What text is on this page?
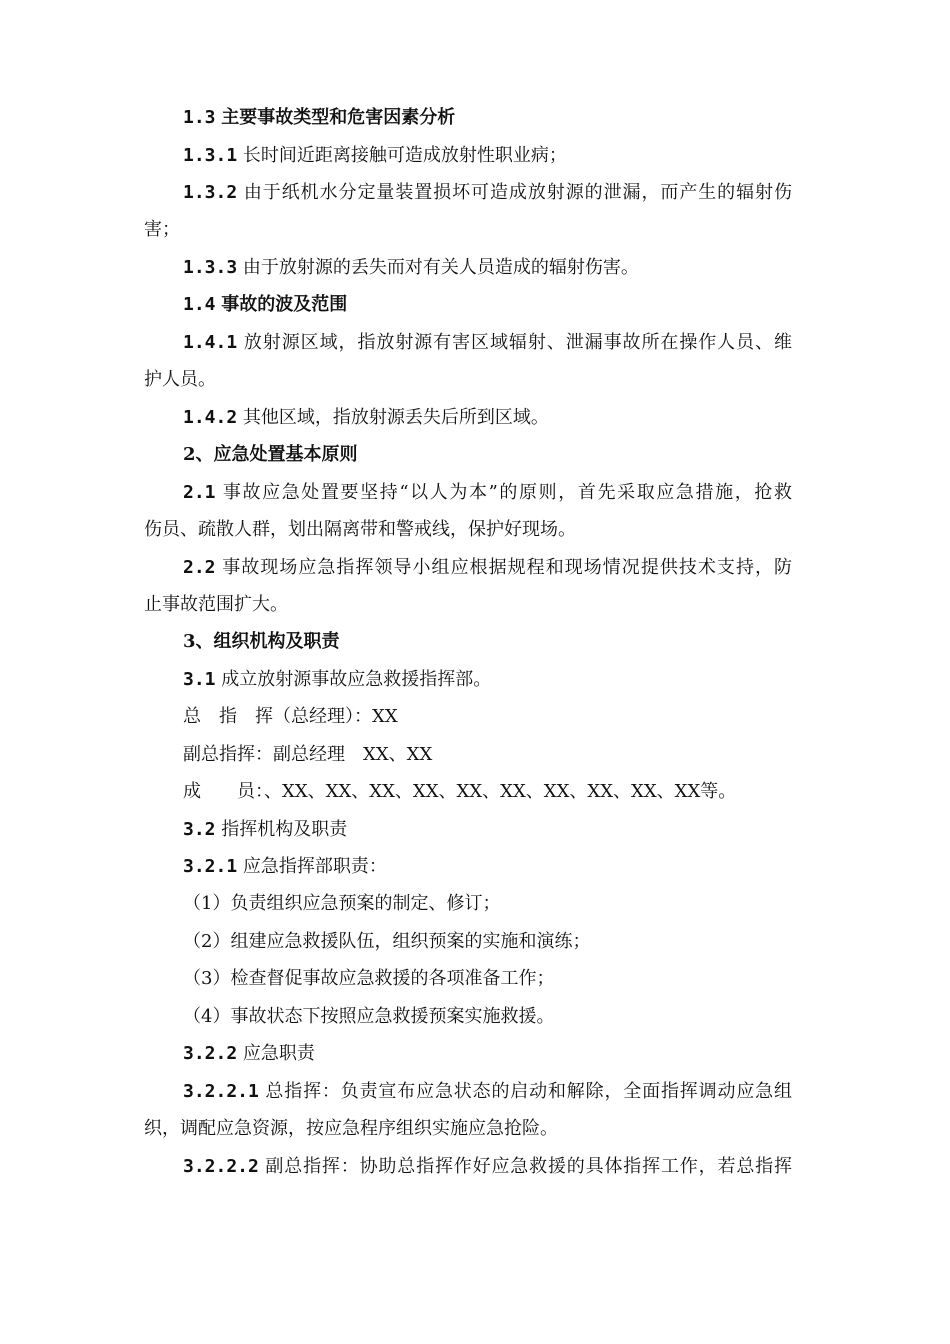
1.3 主要事故类型和危害因素分析
1.3.1 长时间近距离接触可造成放射性职业病；
1.3.2 由于纸机水分定量装置损坏可造成放射源的泄漏，而产生的辐射伤
害；
1.3.3 由于放射源的丢失而对有关人员造成的辐射伤害。
1.4 事故的波及范围
1.4.1 放射源区域，指放射源有害区域辐射、泄漏事故所在操作人员、维
护人员。
1.4.2 其他区域，指放射源丢失后所到区域。
2、应急处置基本原则
2.1 事故应急处置要坚持“以人为本”的原则，首先采取应急措施，抢救
伤员、疏散人群，划出隔离带和警戒线，保护好现场。
2.2 事故现场应急指挥领导小组应根据规程和现场情况提供技术支持，防
止事故范围扩大。
3、组织机构及职责
3.1 成立放射源事故应急救援指挥部。
总　指　挥（总经理）：XX
副总指挥：副总经理　XX、XX
成　　员：、XX、XX、XX、XX、XX、XX、XX、XX、XX、XX等。
3.2 指挥机构及职责
3.2.1 应急指挥部职责：
（1）负责组织应急预案的制定、修订；
（2）组建应急救援队伍，组织预案的实施和演练；
（3）检查督促事故应急救援的各项准备工作；
（4）事故状态下按照应急救援预案实施救援。
3.2.2 应急职责
3.2.2.1 总指挥：负责宣布应急状态的启动和解除，全面指挥调动应急组
织，调配应急资源，按应急程序组织实施应急抢险。
3.2.2.2 副总指挥：协助总指挥作好应急救援的具体指挥工作，若总指挥
